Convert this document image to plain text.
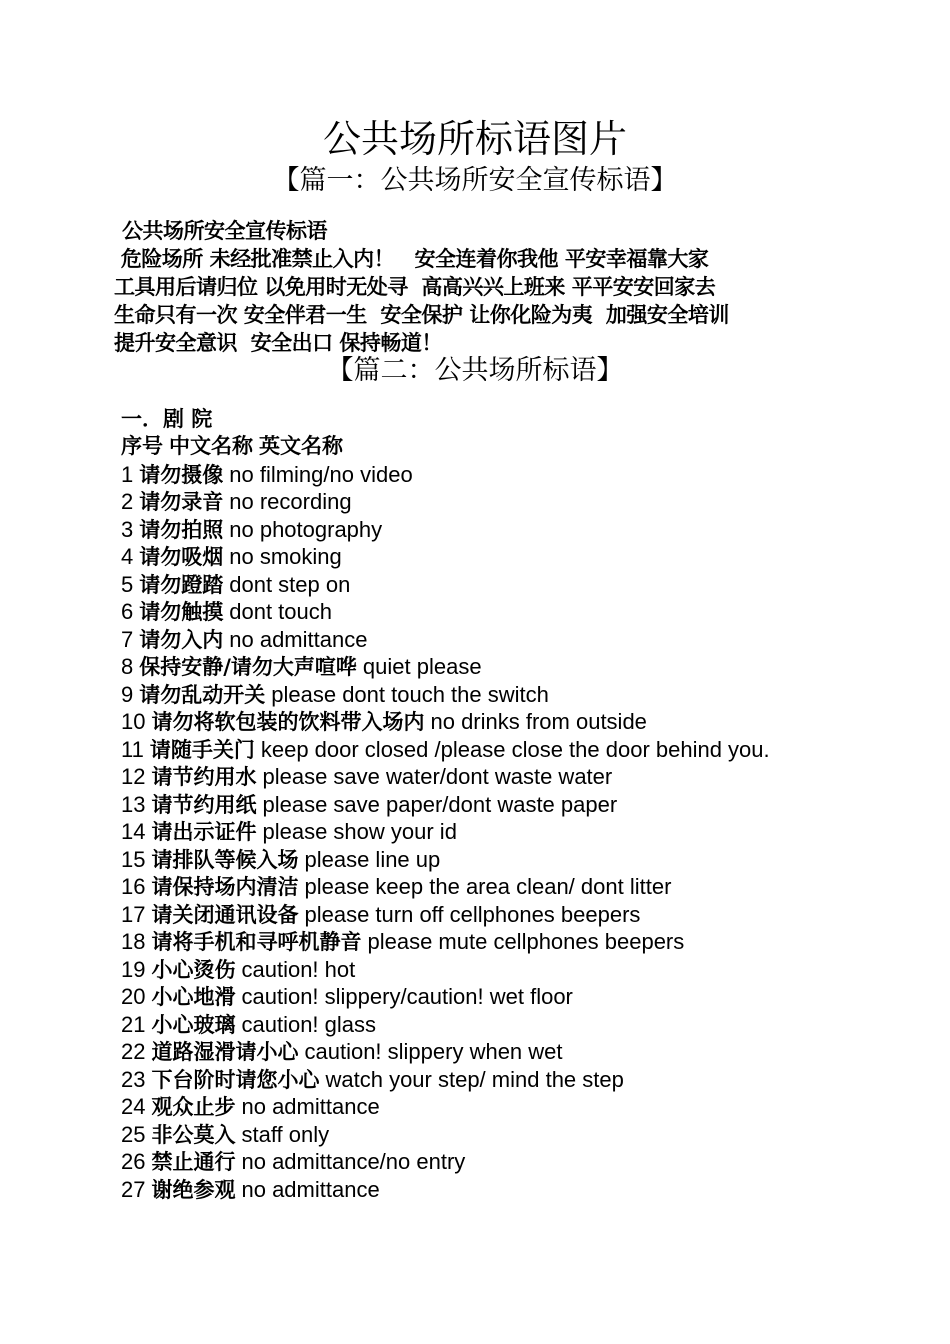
公共场所标语图片
【篇一：公共场所安全宣传标语】
公共场所安全宣传标语
危险场所 未经批准禁止入内！   安全连着你我他 平安幸福靠大家
工具用后请归位 以免用时无处寻  高高兴兴上班来 平平安安回家去
生命只有一次 安全伴君一生  安全保护 让你化险为夷  加强安全培训
提升安全意识  安全出口 保持畅道！
【篇二：公共场所标语】
一．剧 院
序号 中文名称 英文名称
1 请勿摄像 no filming/no video
2 请勿录音 no recording
3 请勿拍照 no photography
4 请勿吸烟 no smoking
5 请勿蹬踏 dont step on
6 请勿触摸 dont touch
7 请勿入内 no admittance
8 保持安静/请勿大声喧哗 quiet please
9 请勿乱动开关 please dont touch the switch
10 请勿将软包装的饮料带入场内 no drinks from outside
11 请随手关门 keep door closed /please close the door behind you.
12 请节约用水 please save water/dont waste water
13 请节约用纸 please save paper/dont waste paper
14 请出示证件 please show your id
15 请排队等候入场 please line up
16 请保持场内清洁 please keep the area clean/ dont litter
17 请关闭通讯设备 please turn off cellphones beepers
18 请将手机和寻呼机静音 please mute cellphones beepers
19 小心烫伤 caution! hot
20 小心地滑 caution! slippery/caution! wet floor
21 小心玻璃 caution! glass
22 道路湿滑请小心 caution! slippery when wet
23 下台阶时请您小心 watch your step/ mind the step
24 观众止步 no admittance
25 非公莫入 staff only
26 禁止通行 no admittance/no entry
27 谢绝参观 no admittance
